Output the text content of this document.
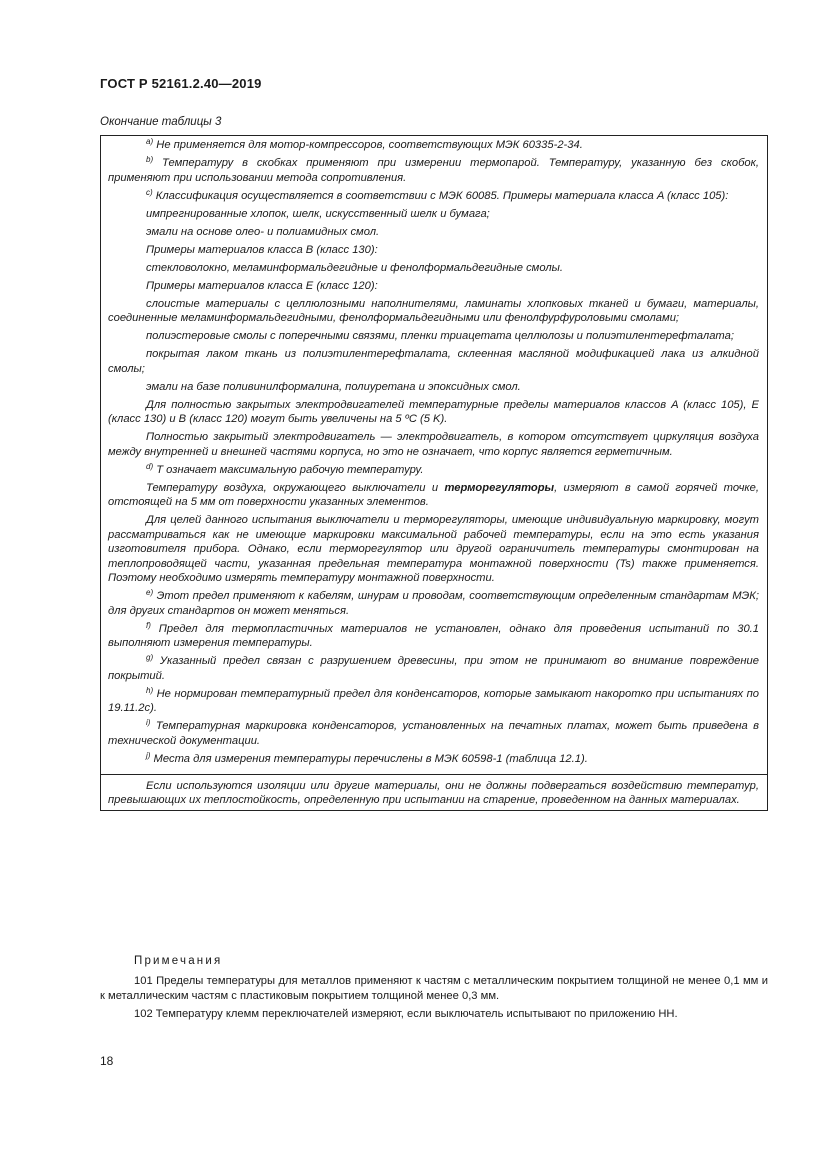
ГОСТ Р 52161.2.40—2019
Окончание таблицы 3

$^{a)}$ Не применяется для мотор-компрессоров, соответствующих МЭК 60335-2-34.

$^{b)}$ Температуру в скобках применяют при измерении термопарой. Температуру, указанную без скобок, применяют при использовании метода сопротивления.

$^{c)}$ Классификация осуществляется в соответствии с МЭК 60085. Примеры материала класса A (класс 105):

импрегнированные хлопок, шелк, искусственный шелк и бумага;

эмали на основе олео- и полиамидных смол.

Примеры материалов класса B (класс 130):

стекловолокно, меламинформальдегидные и фенолформальдегидные смолы.

Примеры материалов класса E (класс 120):

слоистые материалы с целлюлозными наполнителями, ламинаты хлопковых тканей и бумаги, материалы, соединенные меламинформальдегидными, фенолформальдегидными или фенолфурфуроловыми смолами;

полиэстеровые смолы с поперечными связями, пленки триацетата целлюлозы и полиэтилентерефталата;

покрытая лаком ткань из полиэтилентерефталата, склеенная масляной модификацией лака из алкидной смолы;

эмали на базе поливинилформалина, полиуретана и эпоксидных смол.

Для полностью закрытых электродвигателей температурные пределы материалов классов A (класс 105), E (класс 130) и B (класс 120) могут быть увеличены на 5 ºС (5 K).

Полностью закрытый электродвигатель — электродвигатель, в котором отсутствует циркуляция воздуха между внутренней и внешней частями корпуса, но это не означает, что корпус является герметичным.

$^{d)}$ T означает максимальную рабочую температуру.

Температуру воздуха, окружающего выключатели и терморегуляторы, измеряют в самой горячей точке, отстоящей на 5 мм от поверхности указанных элементов.

Для целей данного испытания выключатели и терморегуляторы, имеющие индивидуальную маркировку, могут рассматриваться как не имеющие маркировки максимальной рабочей температуры, если на это есть указания изготовителя прибора. Однако, если терморегулятор или другой ограничитель температуры смонтирован на теплопроводящей части, указанная предельная температура монтажной поверхности (Ts) также применяется. Поэтому необходимо измерять температуру монтажной поверхности.

$^{e)}$ Этот предел применяют к кабелям, шнурам и проводам, соответствующим определенным стандартам МЭК; для других стандартов он может меняться.

$^{f)}$ Предел для термопластичных материалов не установлен, однако для проведения испытаний по 30.1 выполняют измерения температуры.

$^{g)}$ Указанный предел связан с разрушением древесины, при этом не принимают во внимание повреждение покрытий.

$^{h)}$ Не нормирован температурный предел для конденсаторов, которые замыкают накоротко при испытаниях по 19.11.2c).

$^{i)}$ Температурная маркировка конденсаторов, установленных на печатных платах, может быть приведена в технической документации.

$^{j)}$ Места для измерения температуры перечислены в МЭК 60598-1 (таблица 12.1).

Если используются изоляции или другие материалы, они не должны подвергаться воздействию температур, превышающих их теплостойкость, определенную при испытании на старение, проведенном на данных материалах.

Примечания

101 Пределы температуры для металлов применяют к частям с металлическим покрытием толщиной не менее 0,1 мм и к металлическим частям с пластиковым покрытием толщиной менее 0,3 мм.

102 Температуру клемм переключателей измеряют, если выключатель испытывают по приложению НН.

18
